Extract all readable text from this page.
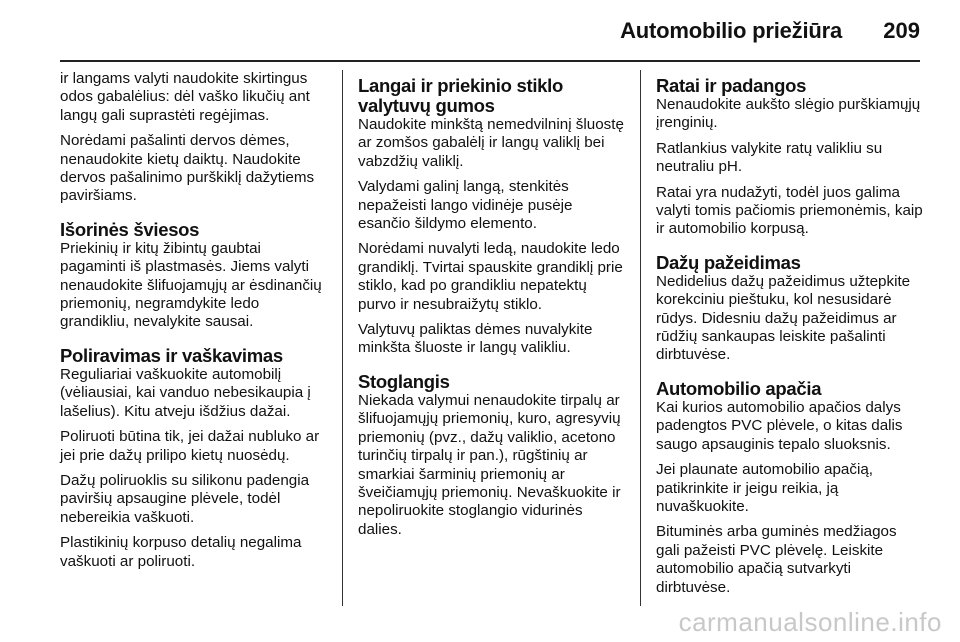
Automobilio priežiūra 209

ir langams valyti naudokite skirtingus odos gabalėlius: dėl vaško likučių ant langų gali suprastėti regėjimas.

Norėdami pašalinti dervos dėmes, nenaudokite kietų daiktų. Naudokite dervos pašalinimo purškiklį dažytiems paviršiams.

Išorinės šviesos

Priekinių ir kitų žibintų gaubtai pagaminti iš plastmasės. Jiems valyti nenaudokite šlifuojamųjų ar ėsdinančių priemonių, negramdykite ledo grandikliu, nevalykite sausai.

Poliravimas ir vaškavimas

Reguliariai vaškuokite automobilį (vėliausiai, kai vanduo nebesikaupia į lašelius). Kitu atveju išdžius dažai.

Poliruoti būtina tik, jei dažai nubluko ar jei prie dažų prilipo kietų nuosėdų.

Dažų poliruoklis su silikonu padengia paviršių apsaugine plėvele, todėl nebereikia vaškuoti.

Plastikinių korpuso detalių negalima vaškuoti ar poliruoti.

Langai ir priekinio stiklo valytuvų gumos

Naudokite minkštą nemedvilninį šluostę ar zomšos gabalėlį ir langų valiklį bei vabzdžių valiklį.

Valydami galinį langą, stenkitės nepažeisti lango vidinėje pusėje esančio šildymo elemento.

Norėdami nuvalyti ledą, naudokite ledo grandiklį. Tvirtai spauskite grandiklį prie stiklo, kad po grandikliu nepatektų purvo ir nesubraižytų stiklo.

Valytuvų paliktas dėmes nuvalykite minkšta šluoste ir langų valikliu.

Stoglangis

Niekada valymui nenaudokite tirpalų ar šlifuojamųjų priemonių, kuro, agresyvių priemonių (pvz., dažų valiklio, acetono turinčių tirpalų ir pan.), rūgštinių ar smarkiai šarminių priemonių ar šveičiamųjų priemonių. Nevaškuokite ir nepoliruokite stoglangio vidurinės dalies.

Ratai ir padangos

Nenaudokite aukšto slėgio purškiamųjų įrenginių.

Ratlankius valykite ratų valikliu su neutraliu pH.

Ratai yra nudažyti, todėl juos galima valyti tomis pačiomis priemonėmis, kaip ir automobilio korpusą.

Dažų pažeidimas

Nedidelius dažų pažeidimus užtepkite korekciniu pieštuku, kol nesusidarė rūdys. Didesniu dažų pažeidimus ar rūdžių sankaupas leiskite pašalinti dirbtuvėse.

Automobilio apačia

Kai kurios automobilio apačios dalys padengtos PVC plėvele, o kitas dalis saugo apsauginis tepalo sluoksnis.

Jei plaunate automobilio apačią, patikrinkite ir jeigu reikia, ją nuvaškuokite.

Bituminės arba guminės medžiagos gali pažeisti PVC plėvelę. Leiskite automobilio apačią sutvarkyti dirbtuvėse.

carmanualsonline.info
